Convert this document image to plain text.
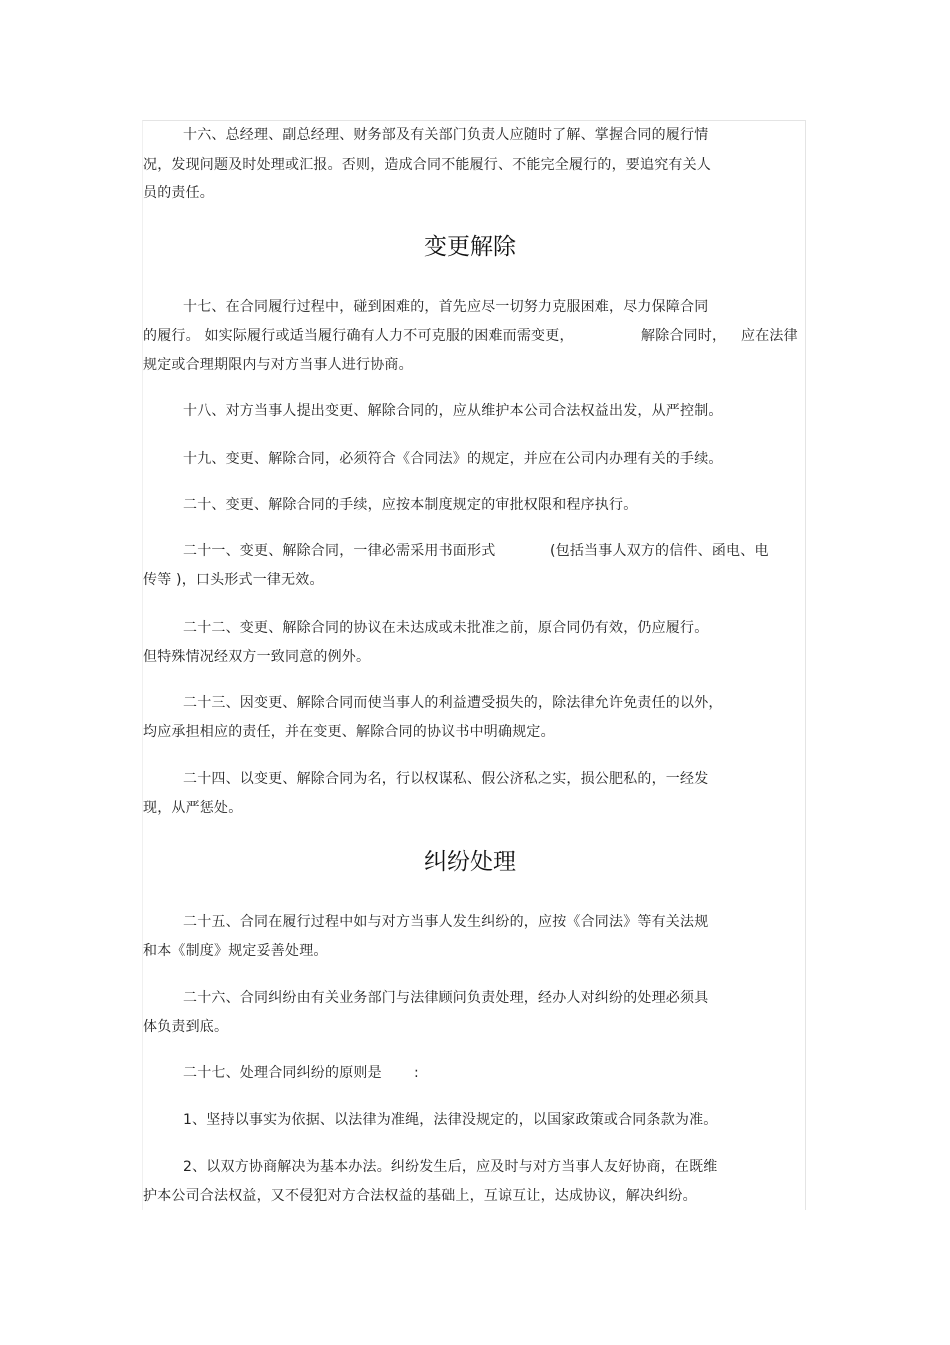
十六、总经理、副总经理、财务部及有关部门负责人应随时了解、掌握合同的履行情
况，发现问题及时处理或汇报。否则，造成合同不能履行、不能完全履行的，要追究有关人
员的责任。
变更解除
十七、在合同履行过程中，碰到困难的，首先应尽一切努力克服困难，尽力保障合同
的履行。 如实际履行或适当履行确有人力不可克服的困难而需变更，	解除合同时， 应在法律
规定或合理期限内与对方当事人进行协商。
十八、对方当事人提出变更、解除合同的，应从维护本公司合法权益出发，从严控制。
十九、变更、解除合同，必须符合《合同法》的规定，并应在公司内办理有关的手续。
二十、变更、解除合同的手续，应按本制度规定的审批权限和程序执行。
二十一、变更、解除合同，一律必需采用书面形式	(包括当事人双方的信件、函电、电
传等 )，口头形式一律无效。
二十二、变更、解除合同的协议在未达成或未批准之前，原合同仍有效，仍应履行。
但特殊情况经双方一致同意的例外。
二十三、因变更、解除合同而使当事人的利益遭受损失的，除法律允许免责任的以外，
均应承担相应的责任，并在变更、解除合同的协议书中明确规定。
二十四、以变更、解除合同为名，行以权谋私、假公济私之实，损公肥私的，一经发
现，从严惩处。
纠纷处理
二十五、合同在履行过程中如与对方当事人发生纠纷的，应按《合同法》等有关法规
和本《制度》规定妥善处理。
二十六、合同纠纷由有关业务部门与法律顾问负责处理，经办人对纠纷的处理必须具
体负责到底。
二十七、处理合同纠纷的原则是 :
1、坚持以事实为依据、以法律为准绳，法律没规定的，以国家政策或合同条款为准。
2、以双方协商解决为基本办法。纠纷发生后，应及时与对方当事人友好协商，在既维
护本公司合法权益，又不侵犯对方合法权益的基础上，互谅互让，达成协议，解决纠纷。
